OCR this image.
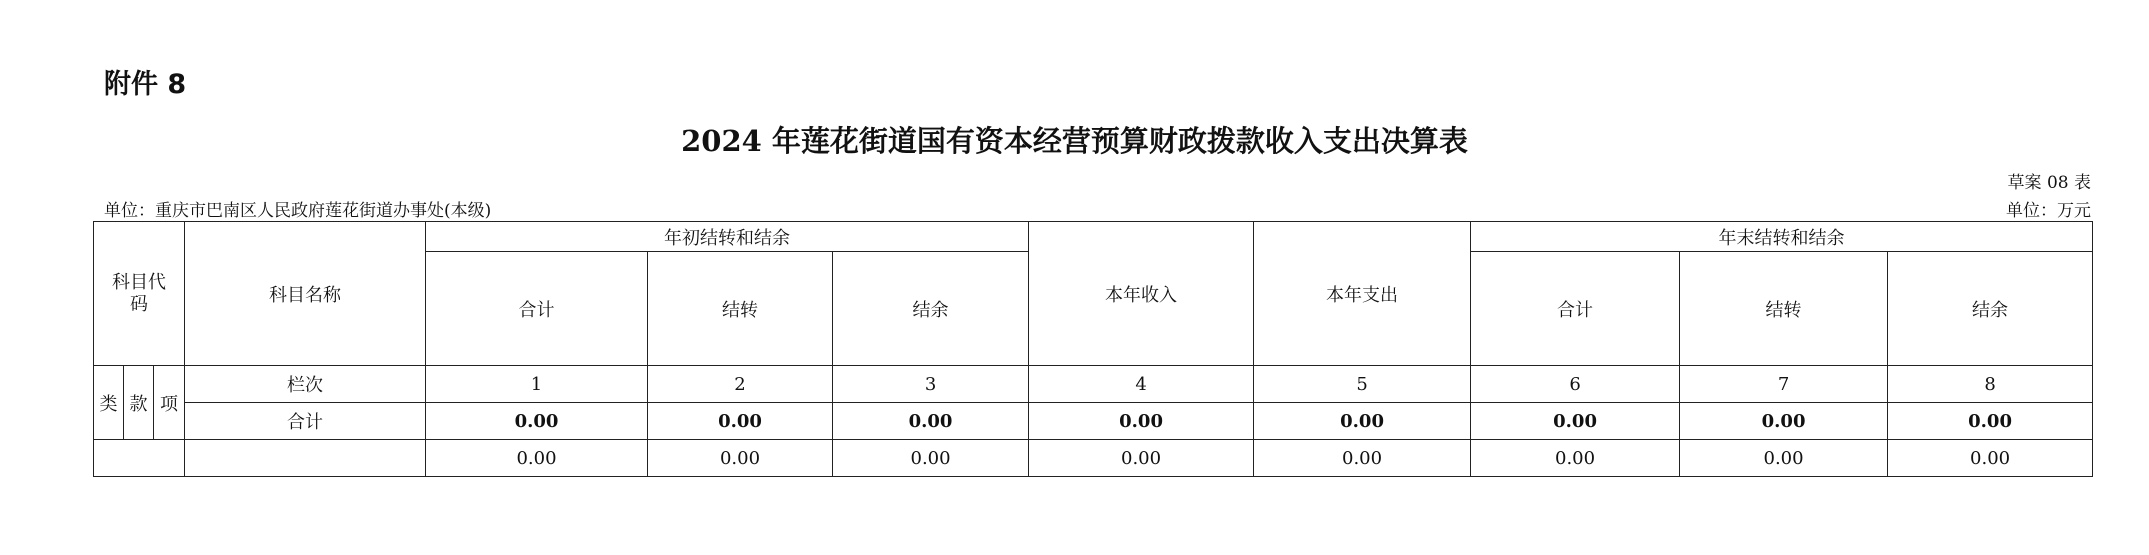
附件 8
2024 年莲花街道国有资本经营预算财政拨款收入支出决算表
草案 08 表
单位：重庆市巴南区人民政府莲花街道办事处(本级)	单位：万元
科目代码			科目名称	年初结转和结余			本年收入	本年支出	年末结转和结余		
				合计	结转	结余			合计	结转	结余
类	款	项	栏次	1	2	3	4	5	6	7	8
			合计	0.00	0.00	0.00	0.00	0.00	0.00	0.00	0.00
				0.00	0.00	0.00	0.00	0.00	0.00	0.00	0.00
